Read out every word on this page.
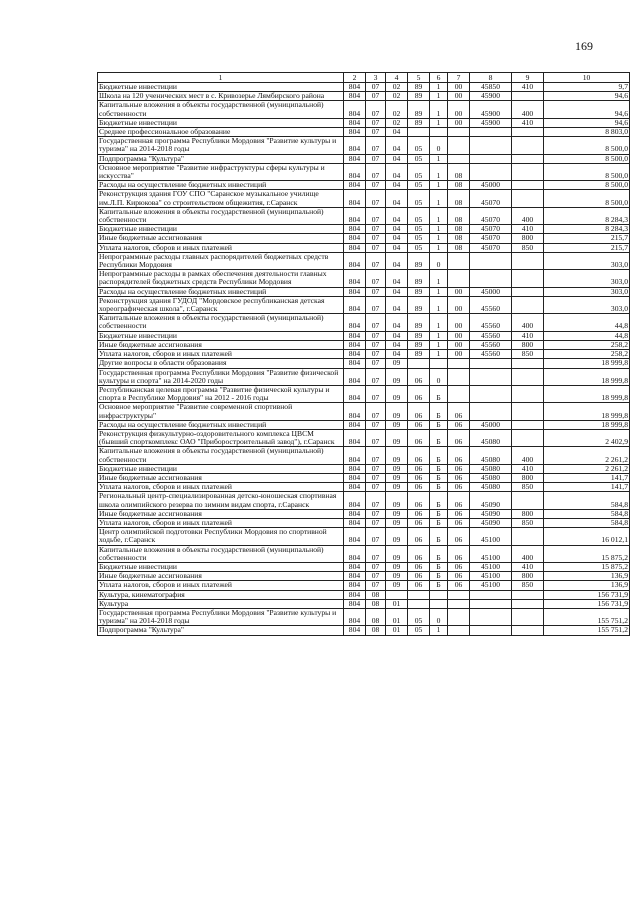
169
1	2	3	4	5	6	7	8	9	10
Бюджетные инвестиции	804	07	02	89	1	00	45850	410	9,7
Школа на 120 ученических мест в с. Кривозерье Лямбирского района	804	07	02	89	1	00	45900		94,6
Капитальные вложения в объекты государственной (муниципальной) собственности	804	07	02	89	1	00	45900	400	94,6
Бюджетные инвестиции	804	07	02	89	1	00	45900	410	94,6
Среднее профессиональное образование	804	07	04						8 803,0
Государственная программа Республики Мордовия "Развитие культуры и туризма" на 2014-2018 годы	804	07	04	05	0				8 500,0
Подпрограмма "Культура"	804	07	04	05	1				8 500,0
Основное мероприятие "Развитие инфраструктуры сферы культуры и искусства"	804	07	04	05	1	08			8 500,0
Расходы на осуществление бюджетных инвестиций	804	07	04	05	1	08	45000		8 500,0
Реконструкция здания ГОУ СПО "Саранское музыкальное училище им.Л.П. Кирюкова" со строительством общежития, г.Саранск	804	07	04	05	1	08	45070		8 500,0
Капитальные вложения в объекты государственной (муниципальной) собственности	804	07	04	05	1	08	45070	400	8 284,3
Бюджетные инвестиции	804	07	04	05	1	08	45070	410	8 284,3
Иные бюджетные ассигнования	804	07	04	05	1	08	45070	800	215,7
Уплата налогов, сборов и иных платежей	804	07	04	05	1	08	45070	850	215,7
Непрограммные расходы главных распорядителей бюджетных средств Республики Мордовия	804	07	04	89	0				303,0
Непрограммные расходы в рамках обеспечения деятельности главных распорядителей бюджетных средств Республики Мордовия	804	07	04	89	1				303,0
Расходы на осуществление бюджетных инвестиций	804	07	04	89	1	00	45000		303,0
Реконструкция здания ГУДОД "Мордовское республиканская детская хореографическая школа", г.Саранск	804	07	04	89	1	00	45560		303,0
Капитальные вложения в объекты государственной (муниципальной) собственности	804	07	04	89	1	00	45560	400	44,8
Бюджетные инвестиции	804	07	04	89	1	00	45560	410	44,8
Иные бюджетные ассигнования	804	07	04	89	1	00	45560	800	258,2
Уплата налогов, сборов и иных платежей	804	07	04	89	1	00	45560	850	258,2
Другие вопросы в области образования	804	07	09						18 999,8
Государственная программа Республики Мордовия "Развитие физической культуры и спорта" на 2014-2020 годы	804	07	09	06	0				18 999,8
Республиканская целевая программа "Развитие физической культуры и спорта в Республике Мордовия" на 2012 - 2016 годы	804	07	09	06	Б				18 999,8
Основное мероприятие "Развитие современной спортивной инфраструктуры"	804	07	09	06	Б	06			18 999,8
Расходы на осуществление бюджетных инвестиций	804	07	09	06	Б	06	45000		18 999,8
Реконструкция физкультурно-оздоровительного комплекса ЦВСМ (бывший спорткомплекс ОАО "Приборостроительный завод"), г.Саранск	804	07	09	06	Б	06	45080		2 402,9
Капитальные вложения в объекты государственной (муниципальной) собственности	804	07	09	06	Б	06	45080	400	2 261,2
Бюджетные инвестиции	804	07	09	06	Б	06	45080	410	2 261,2
Иные бюджетные ассигнования	804	07	09	06	Б	06	45080	800	141,7
Уплата налогов, сборов и иных платежей	804	07	09	06	Б	06	45080	850	141,7
Региональный центр-специализированная детско-юношеская спортивная школа олимпийского резерва по зимним видам спорта, г.Саранск	804	07	09	06	Б	06	45090		584,8
Иные бюджетные ассигнования	804	07	09	06	Б	06	45090	800	584,8
Уплата налогов, сборов и иных платежей	804	07	09	06	Б	06	45090	850	584,8
Центр олимпийской подготовки Республики Мордовия по спортивной ходьбе, г.Саранск	804	07	09	06	Б	06	45100		16 012,1
Капитальные вложения в объекты государственной (муниципальной) собственности	804	07	09	06	Б	06	45100	400	15 875,2
Бюджетные инвестиции	804	07	09	06	Б	06	45100	410	15 875,2
Иные бюджетные ассигнования	804	07	09	06	Б	06	45100	800	136,9
Уплата налогов, сборов и иных платежей	804	07	09	06	Б	06	45100	850	136,9
Культура, кинематография	804	08							156 731,9
Культура	804	08	01						156 731,9
Государственная программа Республики Мордовия "Развитие культуры и туризма" на 2014-2018 годы	804	08	01	05	0				155 751,2
Подпрограмма "Культура"	804	08	01	05	1				155 751,2
